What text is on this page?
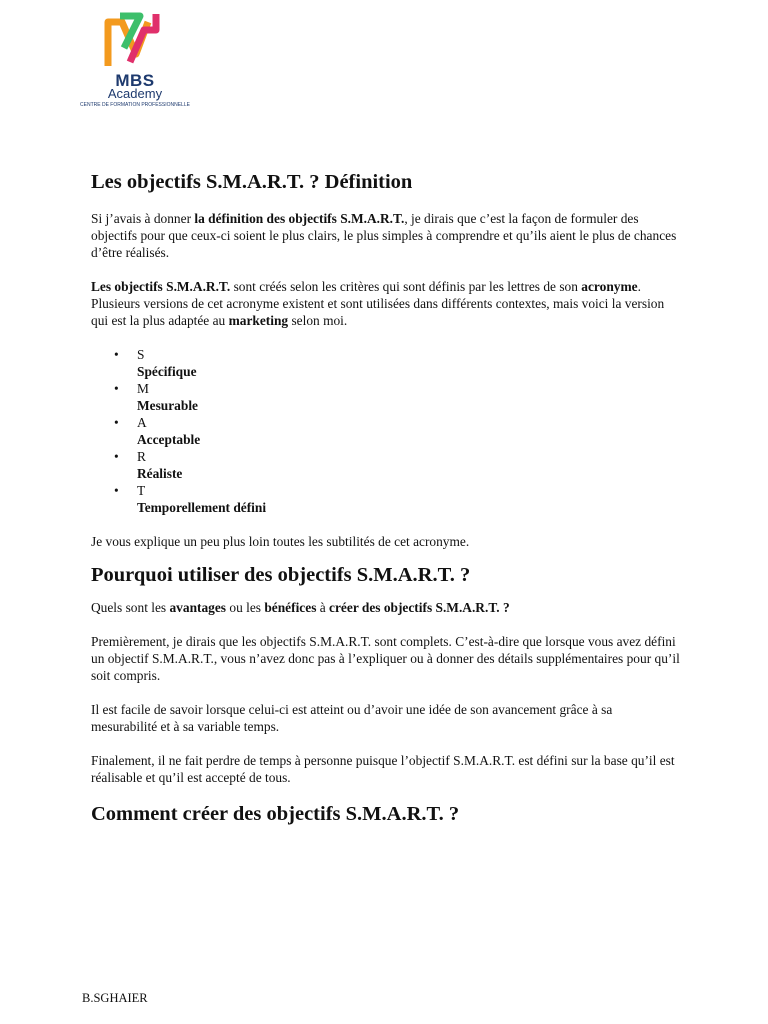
MBS
Academy
CENTRE DE FORMATION PROFESSIONNELLE
Les objectifs S.M.A.R.T. ? Définition

Si j’avais à donner la définition des objectifs S.M.A.R.T., je dirais que c’est la façon de formuler des objectifs pour que ceux-ci soient le plus clairs, le plus simples à comprendre et qu’ils aient le plus de chances d’être réalisés.

Les objectifs S.M.A.R.T. sont créés selon les critères qui sont définis par les lettres de son acronyme. Plusieurs versions de cet acronyme existent et sont utilisées dans différents contextes, mais voici la version qui est la plus adaptée au marketing selon moi.

• S
Spécifique
• M
Mesurable
• A
Acceptable
• R
Réaliste
• T
Temporellement défini

Je vous explique un peu plus loin toutes les subtilités de cet acronyme.

Pourquoi utiliser des objectifs S.M.A.R.T. ?

Quels sont les avantages ou les bénéfices à créer des objectifs S.M.A.R.T. ?

Premièrement, je dirais que les objectifs S.M.A.R.T. sont complets. C’est-à-dire que lorsque vous avez défini un objectif S.M.A.R.T., vous n’avez donc pas à l’expliquer ou à donner des détails supplémentaires pour qu’il soit compris.

Il est facile de savoir lorsque celui-ci est atteint ou d’avoir une idée de son avancement grâce à sa mesurabilité et à sa variable temps.

Finalement, il ne fait perdre de temps à personne puisque l’objectif S.M.A.R.T. est défini sur la base qu’il est réalisable et qu’il est accepté de tous.

Comment créer des objectifs S.M.A.R.T. ?
B.SGHAIER
